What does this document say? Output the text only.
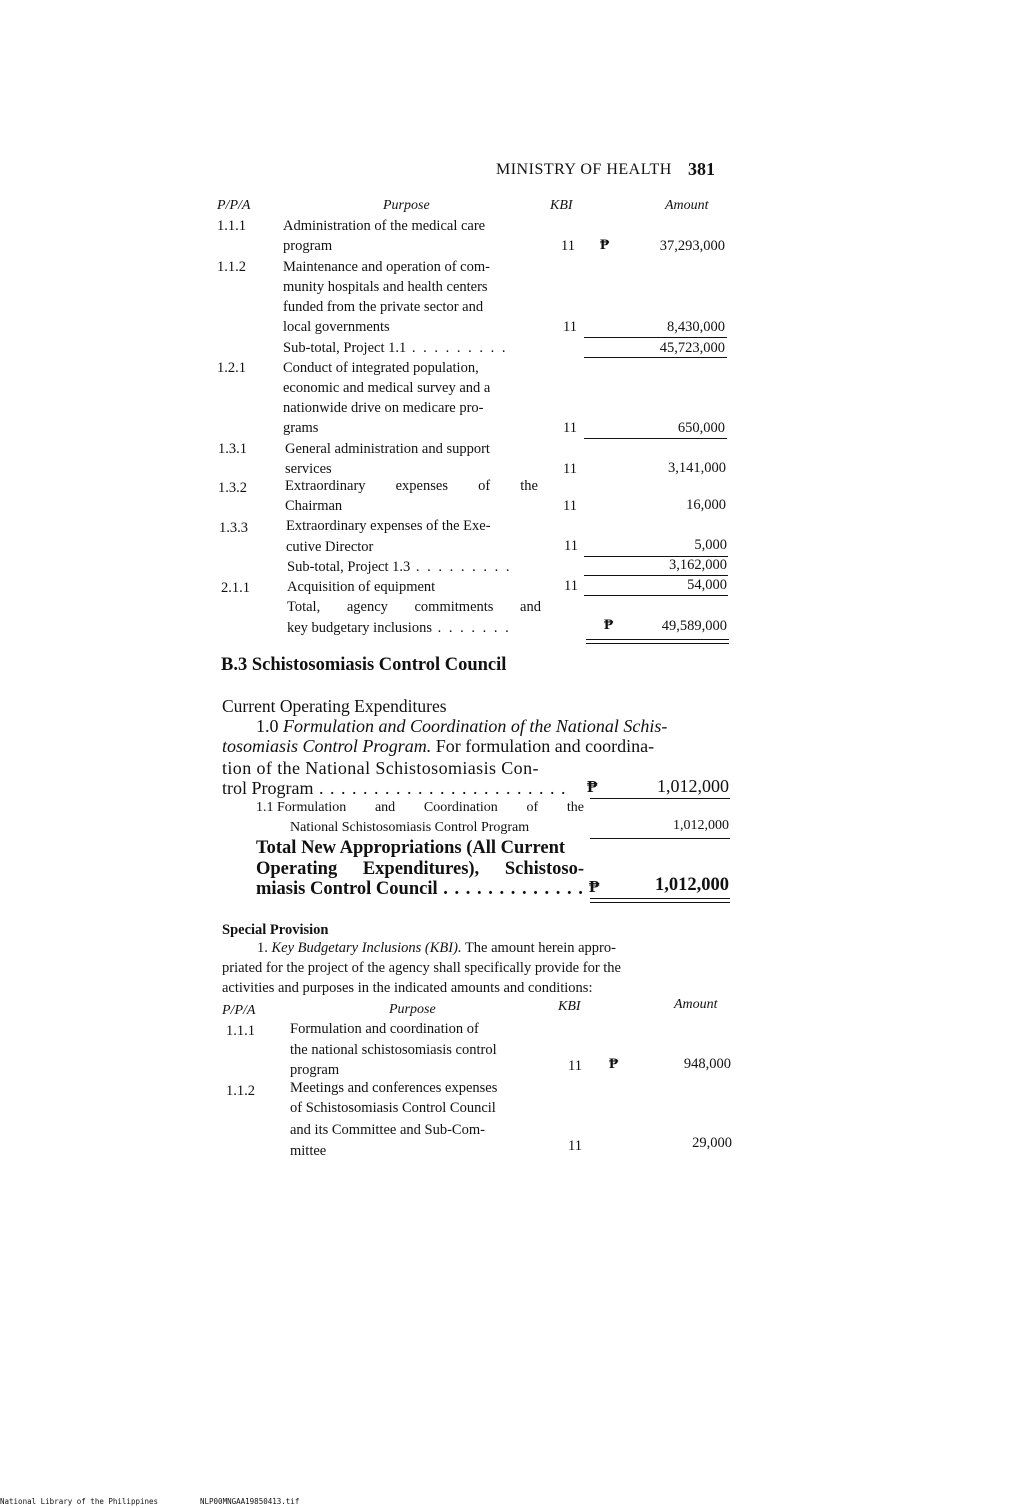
MINISTRY OF HEALTH 381
P/P/A	Purpose	KBI	Amount
1.1.1	Administration of the medical care
program	11 ₱	37,293,000
1.1.2	Maintenance and operation of com-
munity hospitals and health centers
funded from the private sector and
local governments	11	8,430,000
Sub-total, Project 1.1 . . . . . . . . .	45,723,000
1.2.1	Conduct of integrated population,
economic and medical survey and a
nationwide drive on medicare pro-
grams	11	650,000
1.3.1	General administration and support
services	11	3,141,000
1.3.2	Extraordinary expenses of the
Chairman	11	16,000
1.3.3	Extraordinary expenses of the Exe-
cutive Director	11	5,000
Sub-total, Project 1.3 . . . . . . . . .	3,162,000
2.1.1	Acquisition of equipment	11	54,000
Total, agency commitments and
key budgetary inclusions . . . . . . .	₱	49,589,000
B.3 Schistosomiasis Control Council
Current Operating Expenditures
1.0 Formulation and Coordination of the National Schis-
tosomiasis Control Program. For formulation and coordina-
tion of the National Schistosomiasis Con-
trol Program . . . . . . . . . . . . . . . . . . . . . . . ₱	1,012,000
1.1 Formulation and Coordination of the
National Schistosomiasis Control Program	1,012,000
Total New Appropriations (All Current
Operating Expenditures), Schistoso-
miasis Control Council . . . . . . . . . . . . . ₱	1,012,000
Special Provision
1. Key Budgetary Inclusions (KBI). The amount herein appro-
priated for the project of the agency shall specifically provide for the
activities and purposes in the indicated amounts and conditions:
P/P/A	Purpose	KBI	Amount
1.1.1 Formulation and coordination of
the national schistosomiasis control
program	11 ₱	948,000
1.1.2 Meetings and conferences expenses
of Schistosomiasis Control Council
and its Committee and Sub-Com-
mittee	11	29,000
National Library of the Philippines	NLP00MNGAA19850413.tif
